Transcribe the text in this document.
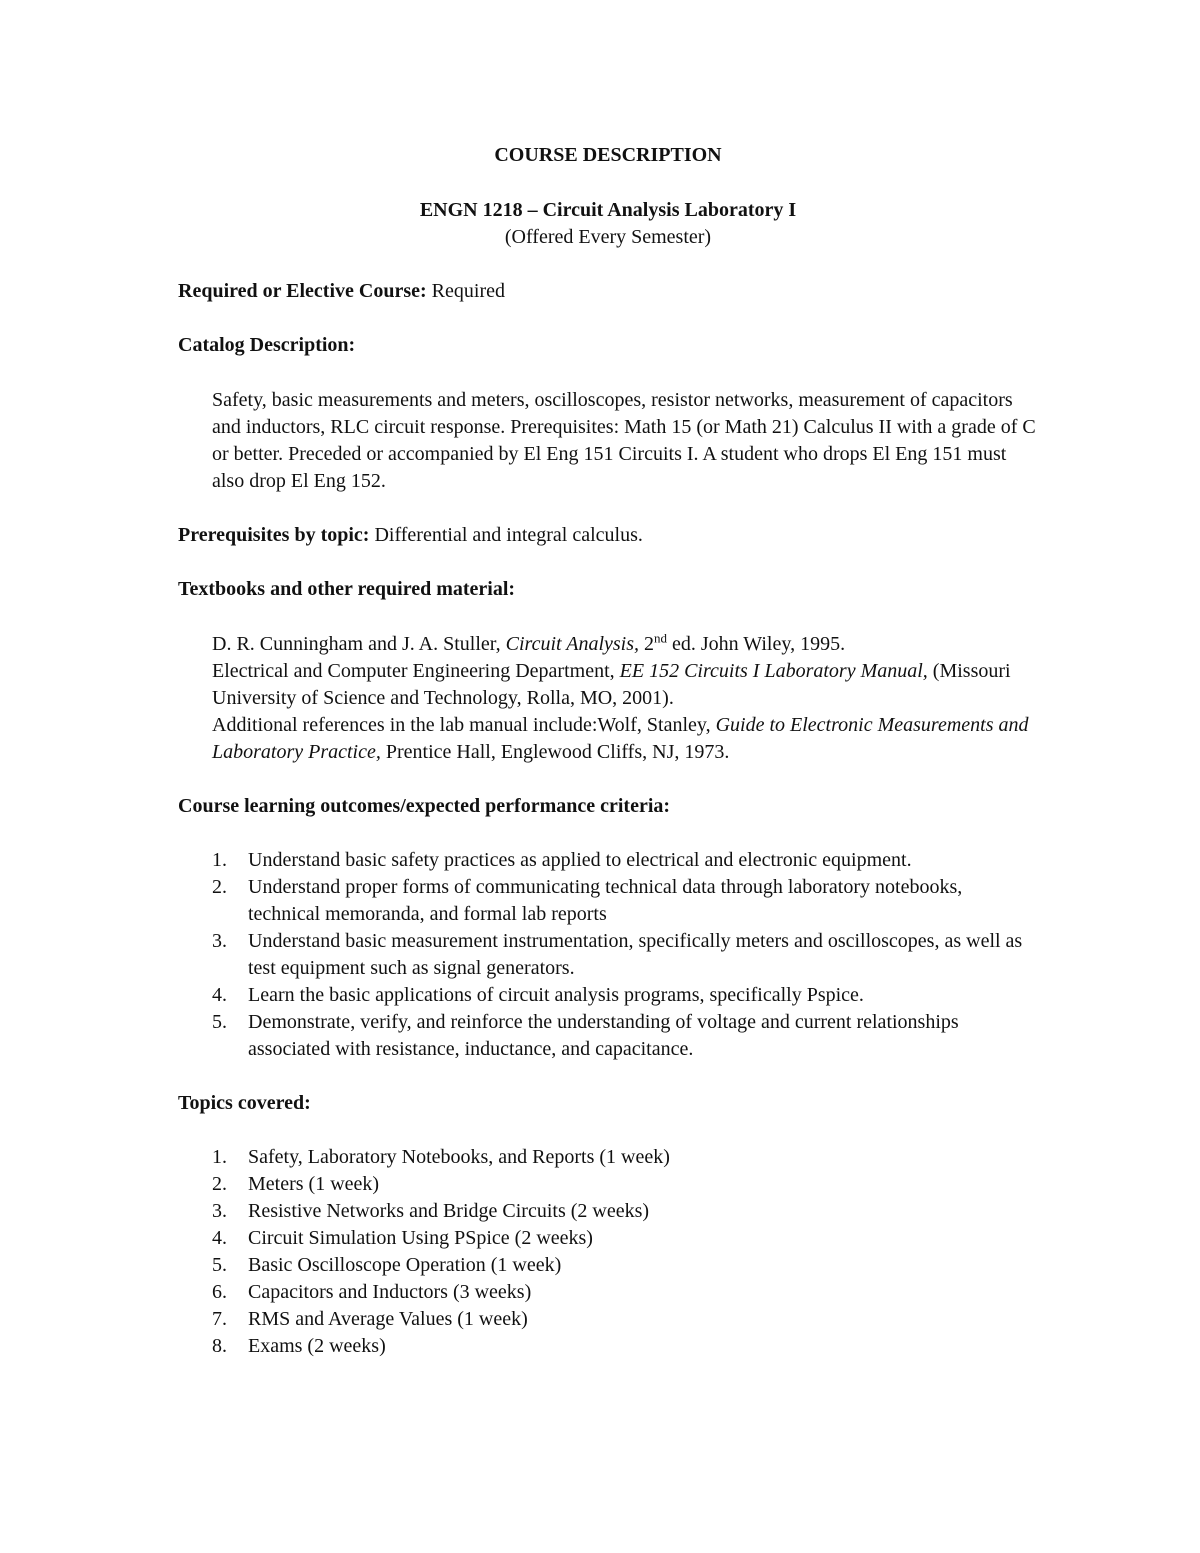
COURSE DESCRIPTION

ENGN 1218 – Circuit Analysis Laboratory I

(Offered Every Semester)

Required or Elective Course: Required

Catalog Description:

Safety, basic measurements and meters, oscilloscopes, resistor networks, measurement of capacitors and inductors, RLC circuit response. Prerequisites: Math 15 (or Math 21) Calculus II with a grade of C or better. Preceded or accompanied by El Eng 151 Circuits I. A student who drops El Eng 151 must also drop El Eng 152.

Prerequisites by topic: Differential and integral calculus.

Textbooks and other required material:

D. R. Cunningham and J. A. Stuller, Circuit Analysis, 2nd ed. John Wiley, 1995.

Electrical and Computer Engineering Department, EE 152 Circuits I Laboratory Manual, (Missouri University of Science and Technology, Rolla, MO, 2001).

Additional references in the lab manual include:Wolf, Stanley, Guide to Electronic Measurements and Laboratory Practice, Prentice Hall, Englewood Cliffs, NJ, 1973.

Course learning outcomes/expected performance criteria:

1. Understand basic safety practices as applied to electrical and electronic equipment.
2. Understand proper forms of communicating technical data through laboratory notebooks, technical memoranda, and formal lab reports
3. Understand basic measurement instrumentation, specifically meters and oscilloscopes, as well as test equipment such as signal generators.
4. Learn the basic applications of circuit analysis programs, specifically Pspice.
5. Demonstrate, verify, and reinforce the understanding of voltage and current relationships associated with resistance, inductance, and capacitance.

Topics covered:

1. Safety, Laboratory Notebooks, and Reports (1 week)
2. Meters (1 week)
3. Resistive Networks and Bridge Circuits (2 weeks)
4. Circuit Simulation Using PSpice (2 weeks)
5. Basic Oscilloscope Operation (1 week)
6. Capacitors and Inductors (3 weeks)
7. RMS and Average Values (1 week)
8. Exams (2 weeks)
